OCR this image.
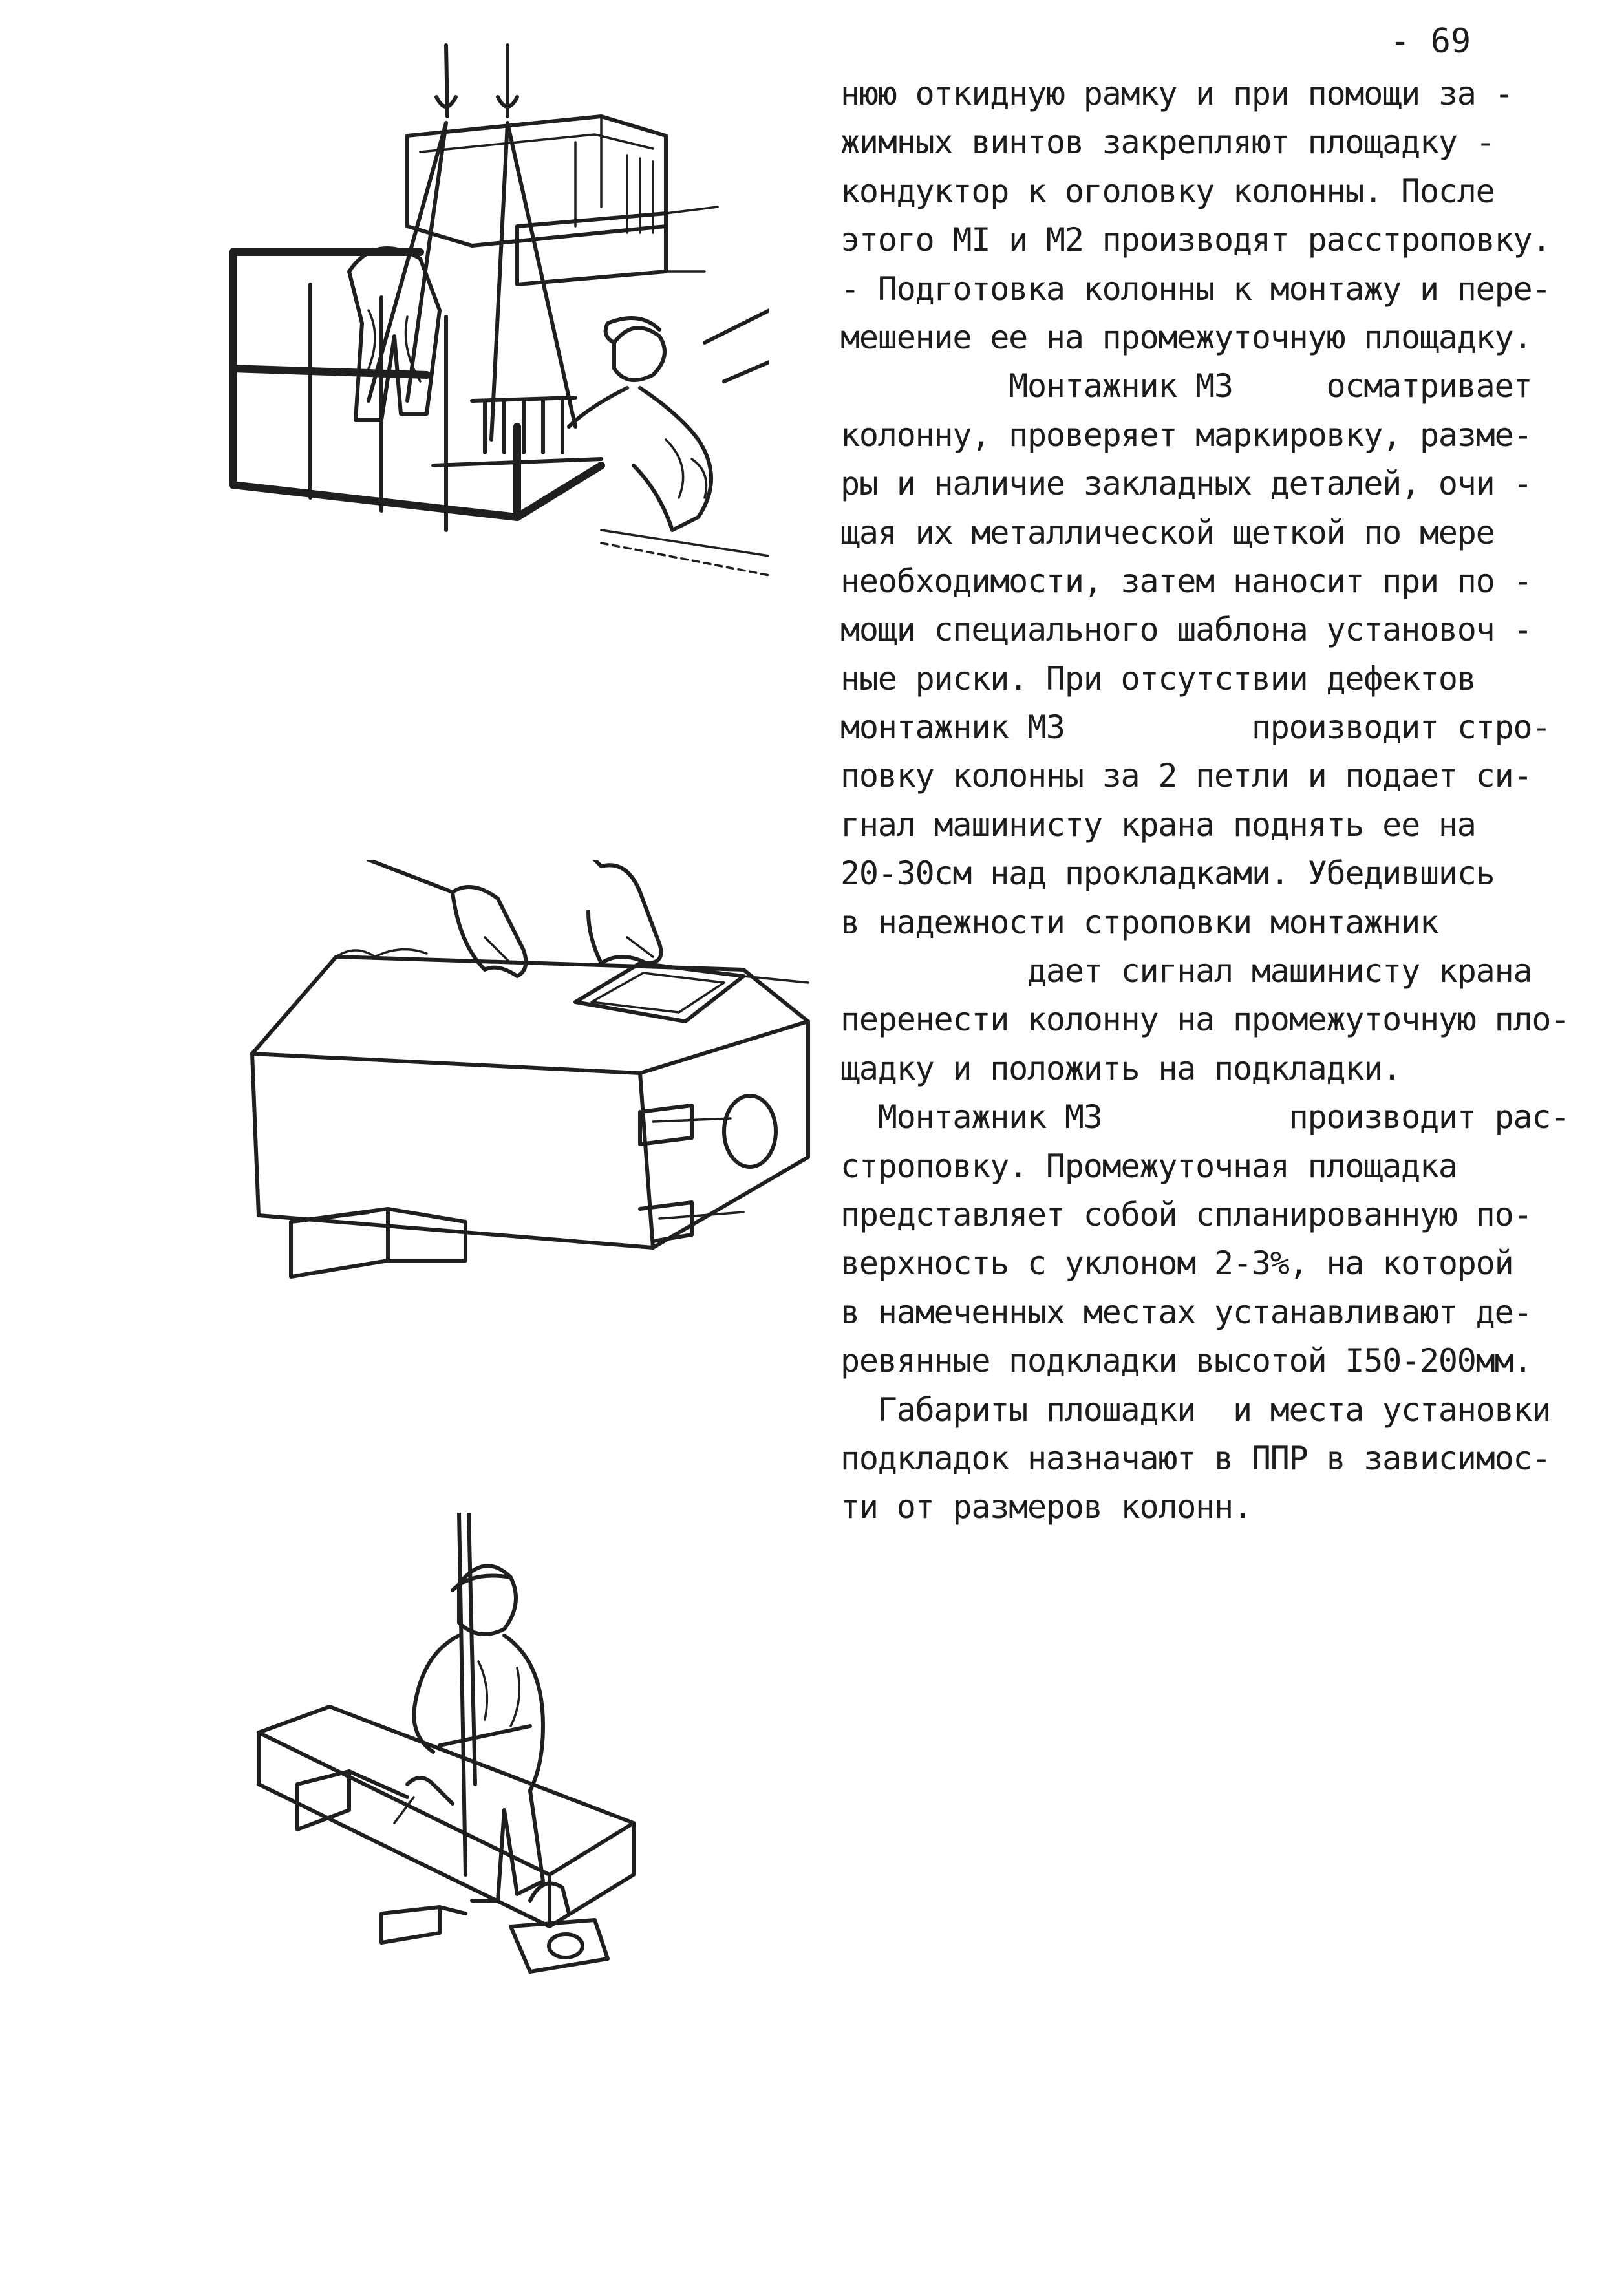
- 69
нюю откидную рамку и при помощи за -
жимных винтов закрепляют площадку -
кондуктор к оголовку колонны. После
этого МI и М2 производят расстроповку.
- Подготовка колонны к монтажу и пере-
мешение ее на промежуточную площадку.
Монтажник М3     осматривает
колонну, проверяет маркировку, разме-
ры и наличие закладных деталей, очи -
щая их металлической щеткой по мере
необходимости, затем наносит при по -
мощи специального шаблона установоч -
ные риски. При отсутствии дефектов
монтажник М3          производит стро-
повку колонны за 2 петли и подает си-
гнал машинисту крана поднять ее на
20-30см над прокладками. Убедившись
в надежности строповки монтажник
дает сигнал машинисту крана
перенести колонну на промежуточную пло-
щадку и положить на подкладки.
Монтажник М3          производит рас-
строповку. Промежуточная площадка
представляет собой спланированную по-
верхность с уклоном 2-3%, на которой
в намеченных местах устанавливают де-
ревянные подкладки высотой I50-200мм.
Габариты плошадки  и места установки
подкладок назначают в ППР в зависимос-
ти от размеров колонн.
